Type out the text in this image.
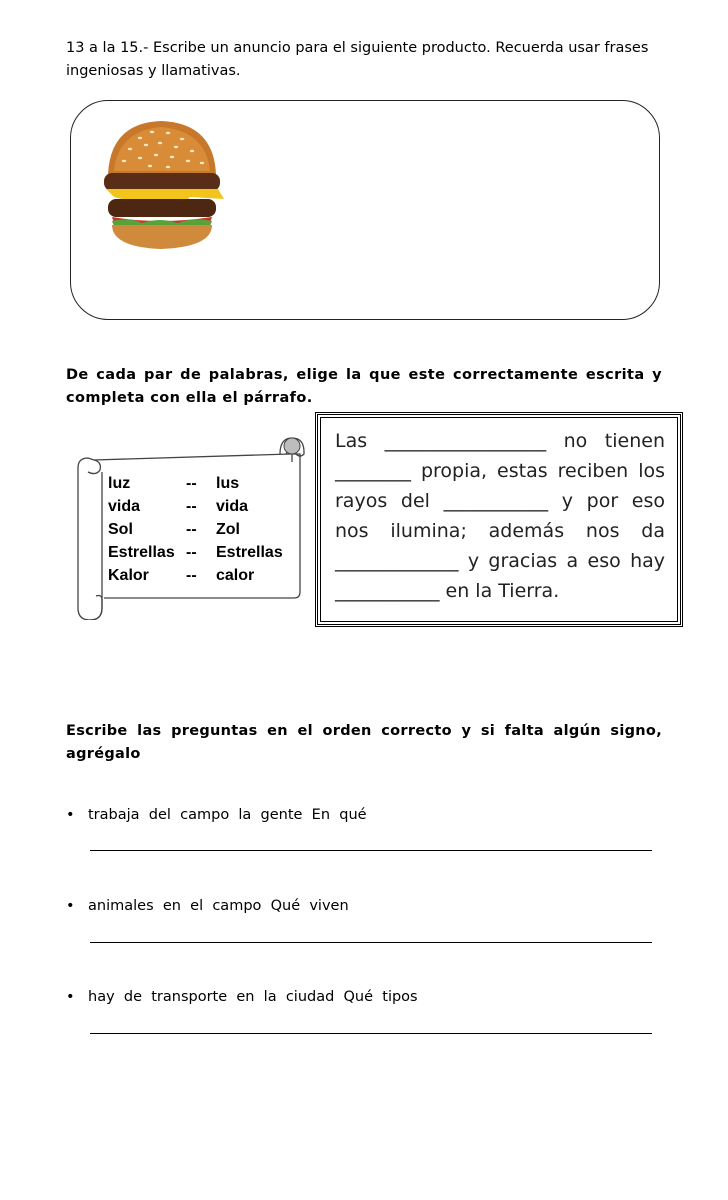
13 a la 15.- Escribe un anuncio para el siguiente producto. Recuerda usar frases ingeniosas y llamativas.
De cada par de palabras, elige la que este correctamente escrita y completa con ella el párrafo.
luz	--	lus
vida	--	vida
Sol	--	Zol
Estrellas	--	Estrellas
Kalor	--	calor
Las _________________ no tienen ________ propia, estas reciben los rayos del ___________ y por eso nos ilumina; además nos da _____________ y gracias a eso hay ___________ en la Tierra.
Escribe las preguntas en el orden correcto y si falta algún signo, agrégalo
• trabaja  del  campo  la  gente  En  qué
• animales  en  el  campo  Qué  viven
• hay  de  transporte  en  la  ciudad  Qué  tipos
